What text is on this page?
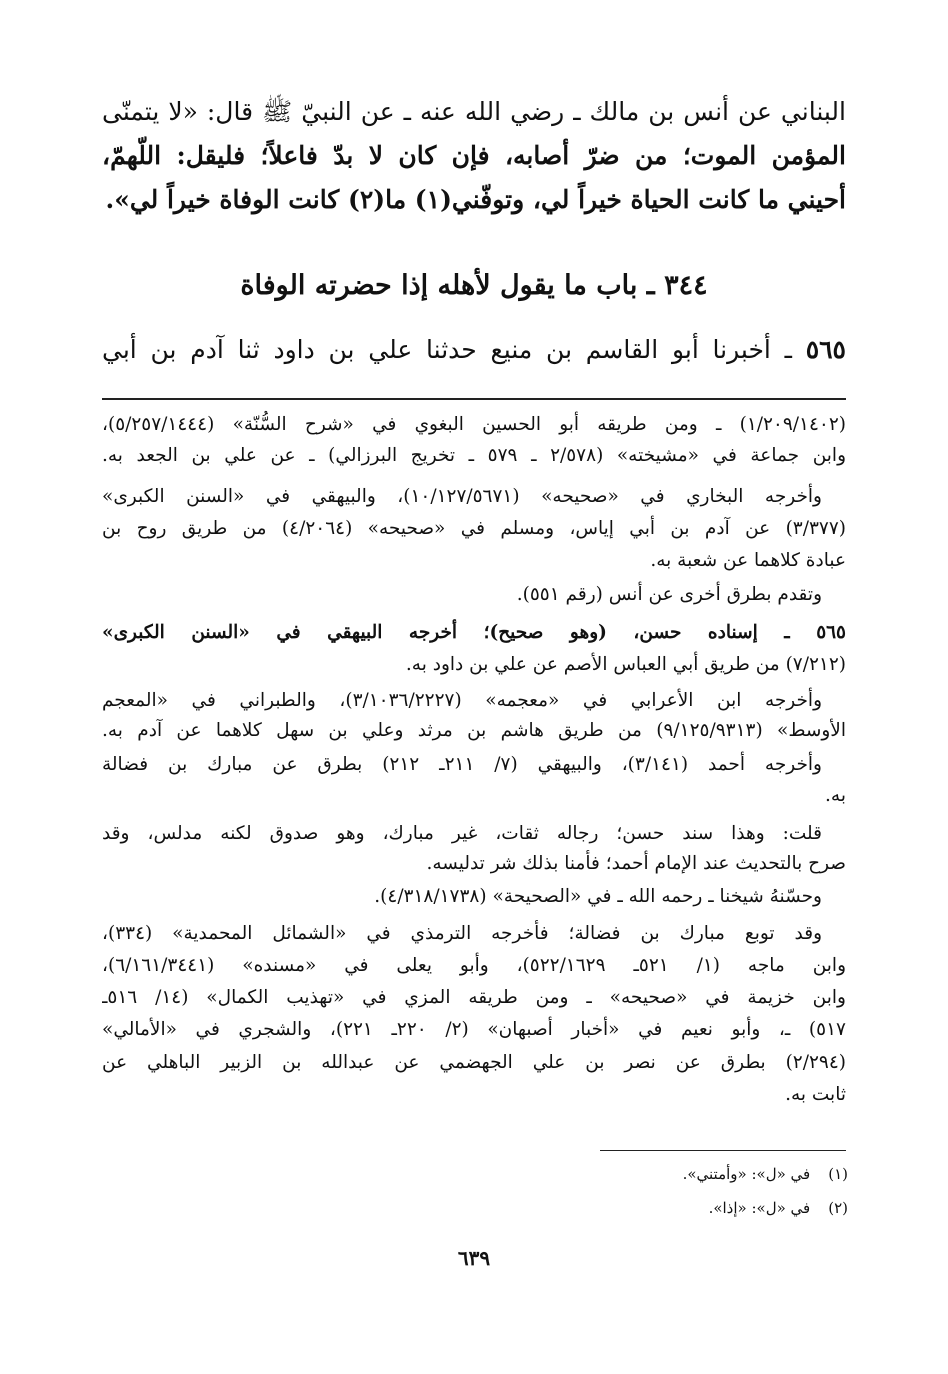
البناني عن أنس بن مالك ـ رضي الله عنه ـ عن النبيّ ﷺ قال: «لا يتمنّى
المؤمن الموت؛ من ضرّ أصابه، فإن كان لا بدّ فاعلاً؛ فليقل: اللّهمّ،
أحيني ما كانت الحياة خيراً لي، وتوفّني(١) ما(٢) كانت الوفاة خيراً لي».
٣٤٤ ـ باب ما يقول لأهله إذا حضرته الوفاة
٥٦٥ ـ أخبرنا أبو القاسم بن منيع حدثنا علي بن داود ثنا آدم بن أبي
(١/٢٠٩/١٤٠٢) ـ ومن طريقه أبو الحسين البغوي في «شرح السُّنّة» (٥/٢٥٧/١٤٤٤)،
وابن جماعة في «مشيخته» (٢/٥٧٨ ـ ٥٧٩ ـ تخريج البرزالي) ـ عن علي بن الجعد به.
وأخرجه البخاري في «صحيحه» (١٠/١٢٧/٥٦٧١)، والبيهقي في «السنن الكبرى»
(٣/٣٧٧) عن آدم بن أبي إياس، ومسلم في «صحيحه» (٤/٢٠٦٤) من طريق روح بن
عبادة كلاهما عن شعبة به.
وتقدم بطرق أخرى عن أنس (رقم ٥٥١).
٥٦٥ ـ إسناده حسن، (وهو صحيح)؛ أخرجه البيهقي في «السنن الكبرى»
(٧/٢١٢) من طريق أبي العباس الأصم عن علي بن داود به.
وأخرجه ابن الأعرابي في «معجمه» (٣/١٠٣٦/٢٢٢٧)، والطبراني في «المعجم
الأوسط» (٩/١٢٥/٩٣١٣) من طريق هاشم بن مرثد وعلي بن سهل كلاهما عن آدم به.
وأخرجه أحمد (٣/١٤١)، والبيهقي (٧/ ٢١١ـ ٢١٢) بطرق عن مبارك بن فضالة
به.
قلت: وهذا سند حسن؛ رجاله ثقات، غير مبارك، وهو صدوق لكنه مدلس، وقد
صرح بالتحديث عند الإمام أحمد؛ فأمنا بذلك شر تدليسه.
وحسّنهُ شيخنا ـ رحمه الله ـ في «الصحيحة» (٤/٣١٨/١٧٣٨).
وقد توبع مبارك بن فضالة؛ فأخرجه الترمذي في «الشمائل المحمدية» (٣٣٤)،
وابن ماجه (١/ ٥٢١ـ ٥٢٢/١٦٢٩)، وأبو يعلى في «مسنده» (٦/١٦١/٣٤٤١)،
وابن خزيمة في «صحيحه» ـ ومن طريقه المزي في «تهذيب الكمال» (١٤/ ٥١٦ـ
٥١٧) ـ، وأبو نعيم في «أخبار أصبهان» (٢/ ٢٢٠ـ ٢٢١)، والشجري في «الأمالي»
(٢/٢٩٤) بطرق عن نصر بن علي الجهضمي عن عبدالله بن الزبير الباهلي عن
ثابت به.
(١)في «ل»: «وأمتني».
(٢)في «ل»: «إذا».
٦٣٩
